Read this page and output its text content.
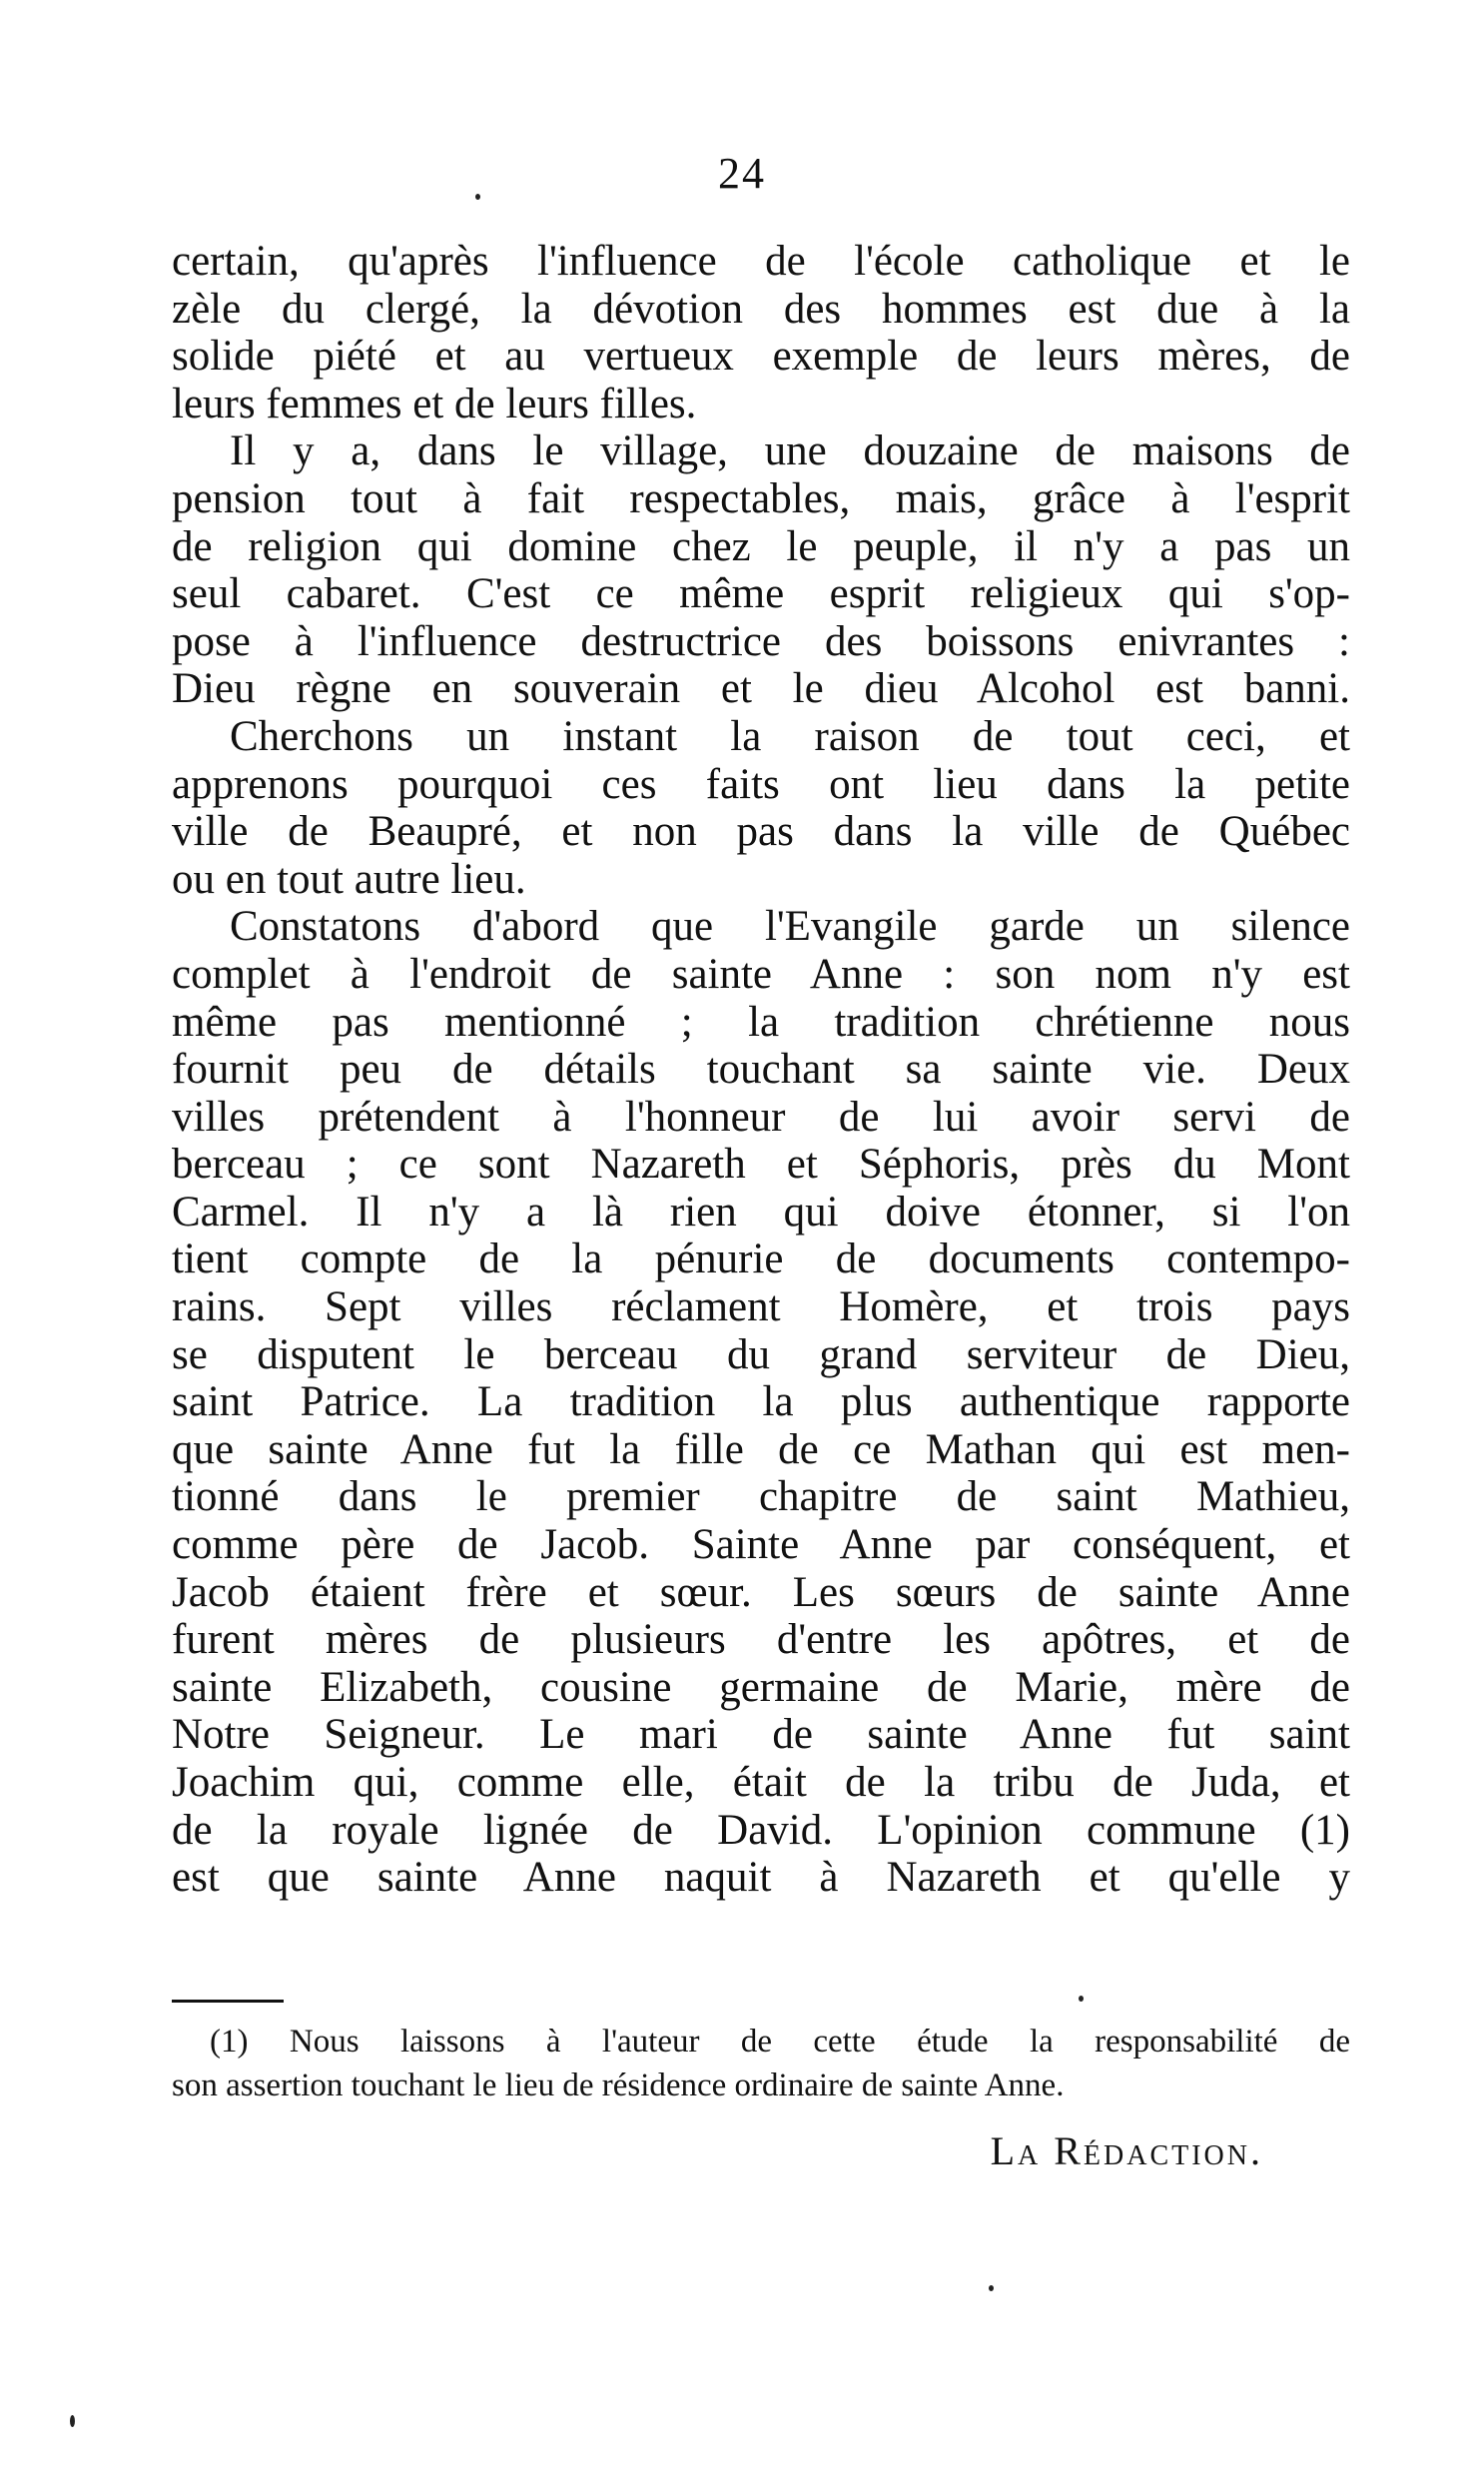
24
certain, qu'après l'influence de l'école catholique et le
zèle du clergé, la dévotion des hommes est due à la
solide piété et au vertueux exemple de leurs mères, de
leurs femmes et de leurs filles.
Il y a, dans le village, une douzaine de maisons de
pension tout à fait respectables, mais, grâce à l'esprit
de religion qui domine chez le peuple, il n'y a pas un
seul cabaret. C'est ce même esprit religieux qui s'op-
pose à l'influence destructrice des boissons enivrantes :
Dieu règne en souverain et le dieu Alcohol est banni.
Cherchons un instant la raison de tout ceci, et
apprenons pourquoi ces faits ont lieu dans la petite
ville de Beaupré, et non pas dans la ville de Québec
ou en tout autre lieu.
Constatons d'abord que l'Evangile garde un silence
complet à l'endroit de sainte Anne : son nom n'y est
même pas mentionné ; la tradition chrétienne nous
fournit peu de détails touchant sa sainte vie. Deux
villes prétendent à l'honneur de lui avoir servi de
berceau ; ce sont Nazareth et Séphoris, près du Mont
Carmel. Il n'y a là rien qui doive étonner, si l'on
tient compte de la pénurie de documents contempo-
rains. Sept villes réclament Homère, et trois pays
se disputent le berceau du grand serviteur de Dieu,
saint Patrice. La tradition la plus authentique rapporte
que sainte Anne fut la fille de ce Mathan qui est men-
tionné dans le premier chapitre de saint Mathieu,
comme père de Jacob. Sainte Anne par conséquent, et
Jacob étaient frère et sœur. Les sœurs de sainte Anne
furent mères de plusieurs d'entre les apôtres, et de
sainte Elizabeth, cousine germaine de Marie, mère de
Notre Seigneur. Le mari de sainte Anne fut saint
Joachim qui, comme elle, était de la tribu de Juda, et
de la royale lignée de David. L'opinion commune (1)
est que sainte Anne naquit à Nazareth et qu'elle y
(1) Nous laissons à l'auteur de cette étude la responsabilité de
son assertion touchant le lieu de résidence ordinaire de sainte Anne.
La Rédaction.
